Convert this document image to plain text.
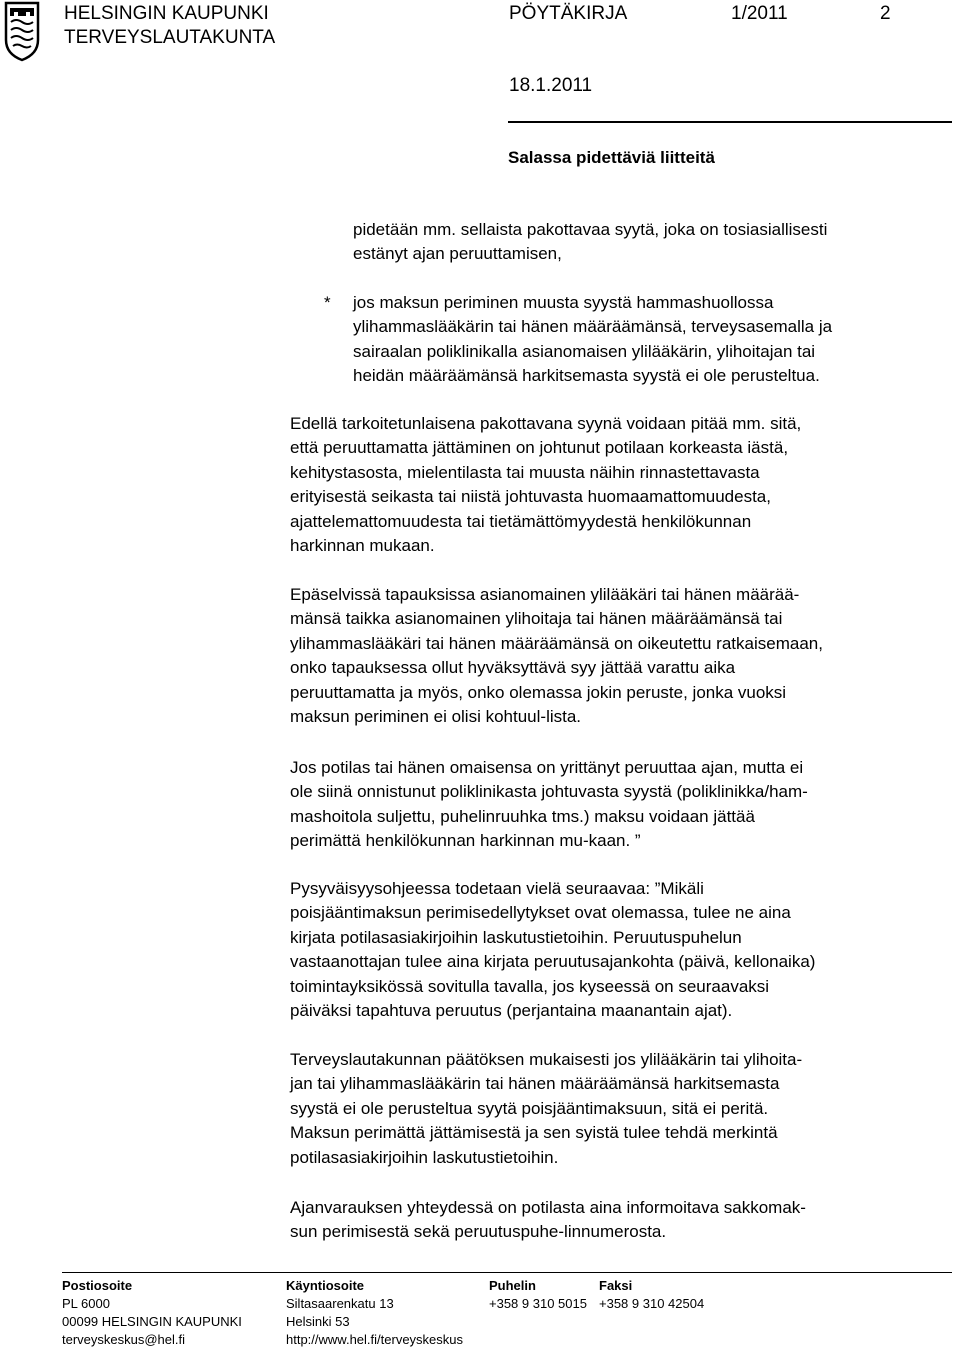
HELSINGIN KAUPUNKI
TERVEYSLAUTAKUNTA
PÖYTÄKIRJA	1/2011	2
18.1.2011
Salassa pidettäviä liitteitä

pidetään mm. sellaista pakottavaa syytä, joka on tosiasiallisesti

estänyt ajan peruuttamisen,

* jos maksun periminen muusta syystä hammashuollossa

ylihammaslääkärin tai hänen määräämänsä, terveysasemalla ja

sairaalan poliklinikalla asianomaisen ylilääkärin, ylihoitajan tai

heidän määräämänsä harkitsemasta syystä ei ole perusteltua.

Edellä tarkoitetunlaisena pakottavana syynä voidaan pitää mm. sitä,

että peruuttamatta jättäminen on johtunut potilaan korkeasta iästä,

kehitystasosta, mielentilasta tai muusta näihin rinnastettavasta

erityisestä seikasta tai niistä johtuvasta huomaamattomuudesta,

ajattelemattomuudesta tai tietämättömyydestä henkilökunnan

harkinnan mukaan.

Epäselvissä tapauksissa asianomainen ylilääkäri tai hänen määrää-

mänsä taikka asianomainen ylihoitaja tai hänen määräämänsä tai

ylihammaslääkäri tai hänen määräämänsä on oikeutettu ratkaisemaan,

onko tapauksessa ollut hyväksyttävä syy jättää varattu aika

peruuttamatta ja myös, onko olemassa jokin peruste, jonka vuoksi

maksun periminen ei olisi kohtuul-lista.

Jos potilas tai hänen omaisensa on yrittänyt peruuttaa ajan, mutta ei

ole siinä onnistunut poliklinikasta johtuvasta syystä (poliklinikka/ham-

mashoitola suljettu, puhelinruuhka tms.) maksu voidaan jättää

perimättä henkilökunnan harkinnan mu-kaan. ”

Pysyväisyysohjeessa todetaan vielä seuraavaa: ”Mikäli

poisjääntimaksun perimisedellytykset ovat olemassa, tulee ne aina

kirjata potilasasiakirjoihin laskutustietoihin. Peruutuspuhelun

vastaanottajan tulee aina kirjata peruutusajankohta (päivä, kellonaika)

toimintayksikössä sovitulla tavalla, jos kyseessä on seuraavaksi

päiväksi tapahtuva peruutus (perjantaina maanantain ajat).

Terveyslautakunnan päätöksen mukaisesti jos ylilääkärin tai ylihoita-

jan tai ylihammaslääkärin tai hänen määräämänsä harkitsemasta

syystä ei ole perusteltua syytä poisjääntimaksuun, sitä ei peritä.

Maksun perimättä jättämisestä ja sen syistä tulee tehdä merkintä

potilasasiakirjoihin laskutustietoihin.

Ajanvarauksen yhteydessä on potilasta aina informoitava sakkomak-

sun perimisestä sekä peruutuspuhe-linnumerosta.

Postiosoite
PL 6000
00099 HELSINGIN KAUPUNKI
terveyskeskus@hel.fi
Käyntiosoite
Siltasaarenkatu 13
Helsinki 53
http://www.hel.fi/terveyskeskus
Puhelin
+358 9 310 5015
Faksi
+358 9 310 42504
